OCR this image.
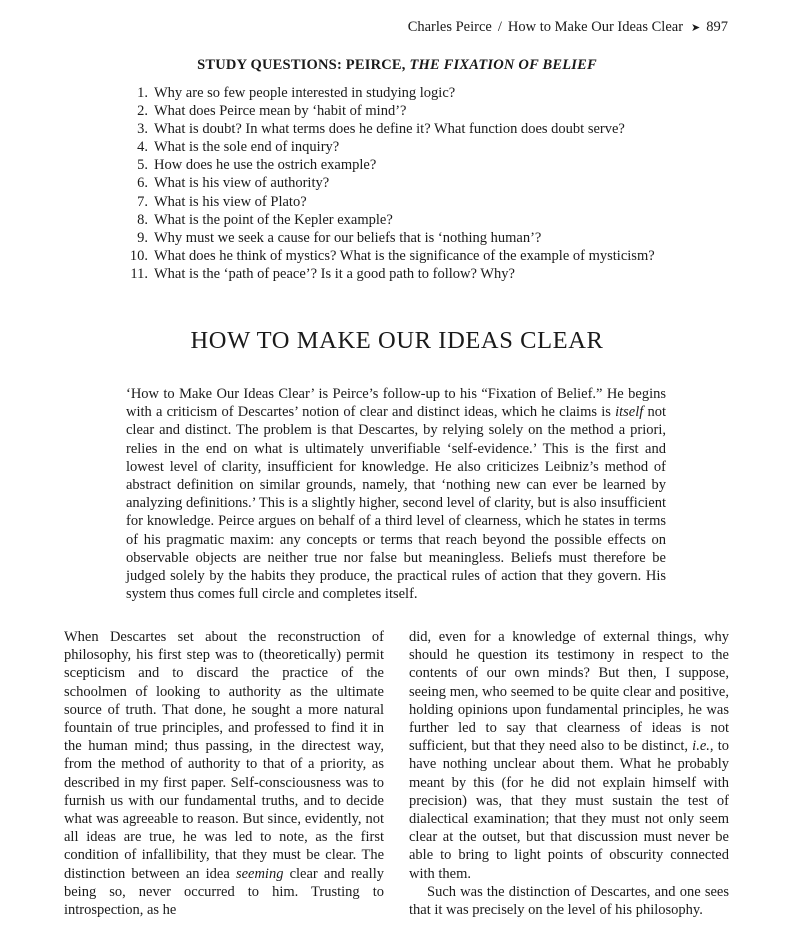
Charles Peirce / How to Make Our Ideas Clear ➤ 897
STUDY QUESTIONS: PEIRCE, THE FIXATION OF BELIEF
1. Why are so few people interested in studying logic?
2. What does Peirce mean by ‘habit of mind’?
3. What is doubt? In what terms does he define it? What function does doubt serve?
4. What is the sole end of inquiry?
5. How does he use the ostrich example?
6. What is his view of authority?
7. What is his view of Plato?
8. What is the point of the Kepler example?
9. Why must we seek a cause for our beliefs that is ‘nothing human’?
10. What does he think of mystics? What is the significance of the example of mysticism?
11. What is the ‘path of peace’? Is it a good path to follow? Why?
HOW TO MAKE OUR IDEAS CLEAR

‘How to Make Our Ideas Clear’ is Peirce’s follow-up to his “Fixation of Belief.” He begins with a criticism of Descartes’ notion of clear and distinct ideas, which he claims is itself not clear and distinct. The problem is that Descartes, by relying solely on the method a priori, relies in the end on what is ultimately unverifiable ‘self-evidence.’ This is the first and lowest level of clarity, insufficient for knowledge. He also criticizes Leibniz’s method of abstract definition on similar grounds, namely, that ‘nothing new can ever be learned by analyzing definitions.’ This is a slightly higher, second level of clarity, but is also insufficient for knowledge. Peirce argues on behalf of a third level of clearness, which he states in terms of his pragmatic maxim: any concepts or terms that reach beyond the possible effects on observable objects are neither true nor false but meaningless. Beliefs must therefore be judged solely by the habits they produce, the practical rules of action that they govern. His system thus comes full circle and completes itself.

When Descartes set about the reconstruction of philosophy, his first step was to (theoretically) permit scepticism and to discard the practice of the schoolmen of looking to authority as the ultimate source of truth. That done, he sought a more natural fountain of true principles, and professed to find it in the human mind; thus passing, in the directest way, from the method of authority to that of a priority, as described in my first paper. Self-consciousness was to furnish us with our fundamental truths, and to decide what was agreeable to reason. But since, evidently, not all ideas are true, he was led to note, as the first condition of infallibility, that they must be clear. The distinction between an idea seeming clear and really being so, never occurred to him. Trusting to introspection, as he

did, even for a knowledge of external things, why should he question its testimony in respect to the contents of our own minds? But then, I suppose, seeing men, who seemed to be quite clear and positive, holding opinions upon fundamental principles, he was further led to say that clearness of ideas is not sufficient, but that they need also to be distinct, i.e., to have nothing unclear about them. What he probably meant by this (for he did not explain himself with precision) was, that they must sustain the test of dialectical examination; that they must not only seem clear at the outset, but that discussion must never be able to bring to light points of obscurity connected with them.

Such was the distinction of Descartes, and one sees that it was precisely on the level of his philosophy.
